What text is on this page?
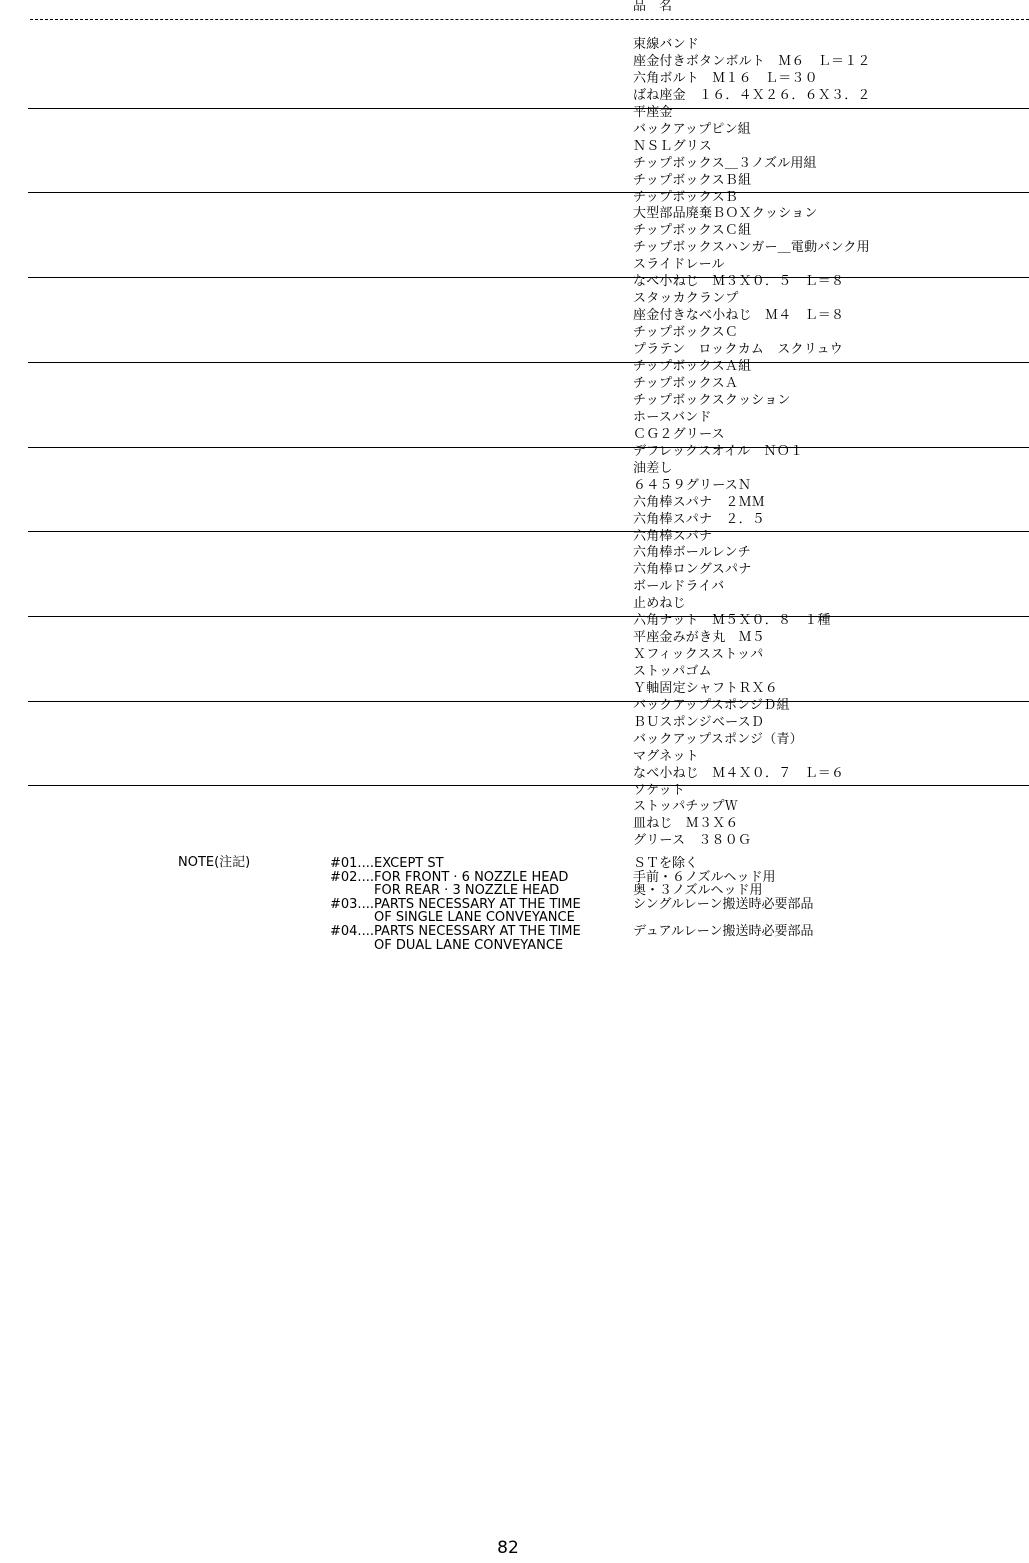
品　名
束線バンド
座金付きボタンボルト　Ｍ６　Ｌ＝１２
六角ボルト　Ｍ１６　Ｌ＝３０
ばね座金　１６．４Ｘ２６．６Ｘ３．２
平座金
バックアップピン組
ＮＳＬグリス
チップボックス＿３ノズル用組
チップボックスＢ組
チップボックスＢ
大型部品廃棄ＢＯＸクッション
チップボックスＣ組
チップボックスハンガー＿電動バンク用
スライドレール
なべ小ねじ　Ｍ３Ｘ０．５　Ｌ＝８
スタッカクランプ
座金付きなべ小ねじ　Ｍ４　Ｌ＝８
チップボックスＣ
プラテン　ロックカム　スクリュウ
チップボックスＡ組
チップボックスＡ
チップボックスクッション
ホースバンド
ＣＧ２グリース
デフレックスオイル　ＮＯ１
油差し
６４５９グリースＮ
六角棒スパナ　２ＭＭ
六角棒スパナ　２．５
六角棒スパナ
六角棒ボールレンチ
六角棒ロングスパナ
ボールドライバ
止めねじ
六角ナット　Ｍ５Ｘ０．８　１種
平座金みがき丸　Ｍ５
Ｘフィックスストッパ
ストッパゴム
Ｙ軸固定シャフトＲＸ６
バックアップスポンジＤ組
ＢＵスポンジベースＤ
バックアップスポンジ（青）
マグネット
なべ小ねじ　Ｍ４Ｘ０．７　Ｌ＝６
ソケット
ストッパチップＷ
皿ねじ　Ｍ３Ｘ６
グリース　３８０Ｇ
NOTE(注記)	#01.... EXCEPT ST	ＳＴを除く
#02.... FOR FRONT · 6 NOZZLE HEAD	手前・６ノズルヘッド用
FOR REAR · 3 NOZZLE HEAD	奥・３ノズルヘッド用
#03.... PARTS NECESSARY AT THE TIME	シングルレーン搬送時必要部品
OF SINGLE LANE CONVEYANCE
#04.... PARTS NECESSARY AT THE TIME	デュアルレーン搬送時必要部品
OF DUAL LANE CONVEYANCE
82
